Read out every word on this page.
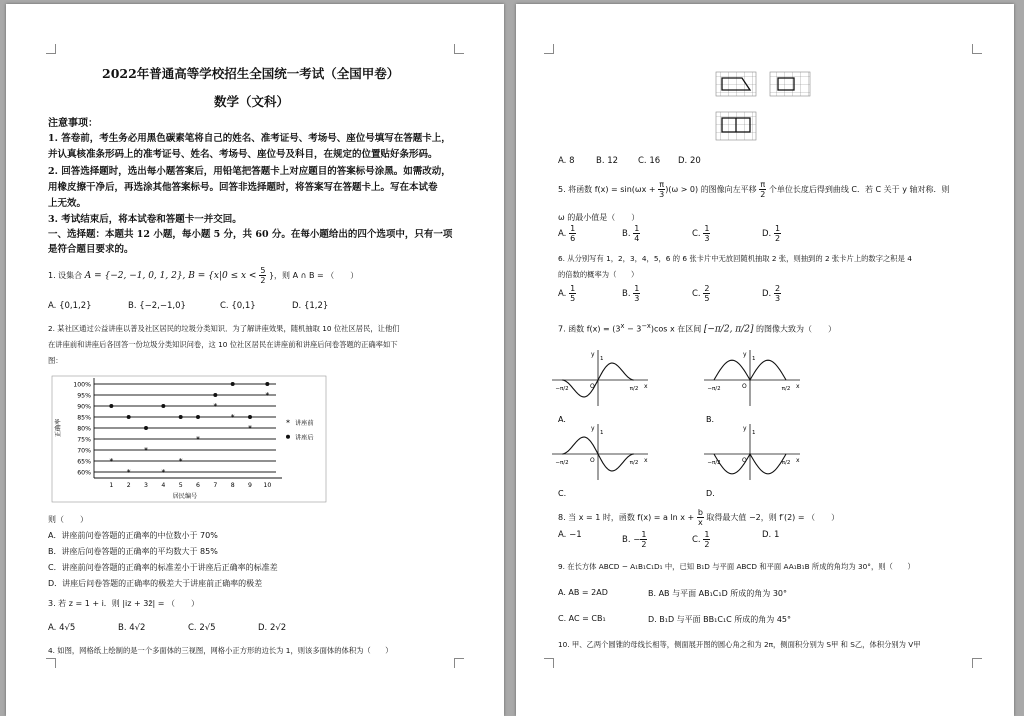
2022年普通高等学校招生全国统一考试（全国甲卷）
数学（文科）
注意事项：
1. 答卷前，考生务必用黑色碳素笔将自己的姓名、准考证号、考场号、座位号填写在答题卡上，
并认真核准条形码上的准考证号、姓名、考场号、座位号及科目，在规定的位置贴好条形码。
2. 回答选择题时，选出每小题答案后，用铅笔把答题卡上对应题目的答案标号涂黑。如需改动，
用橡皮擦干净后，再选涂其他答案标号。回答非选择题时，将答案写在答题卡上。写在本试卷
上无效。
3. 考试结束后，将本试卷和答题卡一并交回。
一、选择题：本题共 12 小题，每小题 5 分，共 60 分。在每小题给出的四个选项中，只有一项
是符合题目要求的。
1. 设集合 A = {−2, −1, 0, 1, 2}, $B = \{x|0 \le x < \frac{5}{2}$ }，则 A ∩ B = （　　）
A. {0,1,2}	B. {−2,−1,0}	C. {0,1}	D. {1,2}
2. 某社区通过公益讲座以普及社区居民的垃圾分类知识．为了解讲座效果，随机抽取 10 位社区居民，让他们
在讲座前和讲座后各回答一份垃圾分类知识问卷，这 10 位社区居民在讲座前和讲座后问卷答题的正确率如下
图：
60%
65%
70%
75%
80%
85%
90%
95%
100%
1 2 3 4 5 6 7 8 9 10
居民编号
正确率
*
*
*
*
*
*
*
*
*
*
* 讲座前
讲座后
则（　　）
A．讲座前问卷答题的正确率的中位数小于 70%
B．讲座后问卷答题的正确率的平均数大于 85%
C．讲座前问卷答题的正确率的标准差小于讲座后正确率的标准差
D．讲座后问卷答题的正确率的极差大于讲座前正确率的极差
3. 若 z = 1 + i．则 |iz + 3z̄| = （　　）
A. 4√5	B. 4√2	C. 2√5	D. 2√2
4. 如图，网格纸上绘制的是一个多面体的三视图，网格小正方形的边长为 1，则该多面体的体积为（　　）
A. 8	B. 12 C. 16 D. 20
5. 将函数 $f(x) = \sin(\omega x + \frac{\pi}{3} )(\omega > 0)$ 的图像向左平移 $\frac{\pi}{2}$ 个单位长度后得到曲线 C．若 C 关于 y 轴对称．则
ω 的最小值是（　　）
A. $\frac{1}{6}$	B. $\frac{1}{4}$	C. $\frac{1}{3}$	D. $\frac{1}{2}$
6. 从分别写有 1，2，3，4，5，6 的 6 张卡片中无放回随机抽取 2 张，则抽到的 2 张卡片上的数字之积是 4
的倍数的概率为（　　）
A. $\frac{1}{5}$	B. $\frac{1}{3}$	C. $\frac{2}{5}$	D. $\frac{2}{3}$
7. 函数 $f(x) = (3^x - 3^{-x})\cos$ x 在区间 [−π/2, π/2] 的图像大致为（　　）
y
x
O
1
−π/2	π/2
A.
y
x
O
1
−π/2	π/2
B.
y
x
O
1
−π/2	π/2
C.
y
x
O
1
−π/2	π/2
D.
8. 当 x = 1 时，函数 f(x) = a $\ln x + \frac{b}{x}$ 取得最大值 −2，则 f′(2) = （　　）
A. −1	B. − $\frac{1}{2}$	C. $\frac{1}{2}$	D. 1
9. 在长方体 ABCD − A₁B₁C₁D₁ 中，已知 B₁D 与平面 ABCD 和平面 AA₁B₁B 所成的角均为 30°，则（　　）
A. AB = 2AD	B. AB 与平面 AB₁C₁D 所成的角为 30°
C. AC = CB₁	D. B₁D 与平面 BB₁C₁C 所成的角为 45°
10. 甲、乙两个圆锥的母线长相等，侧面展开图的圆心角之和为 2π，侧面积分别为 S甲 和 S乙，体积分别为 V甲
